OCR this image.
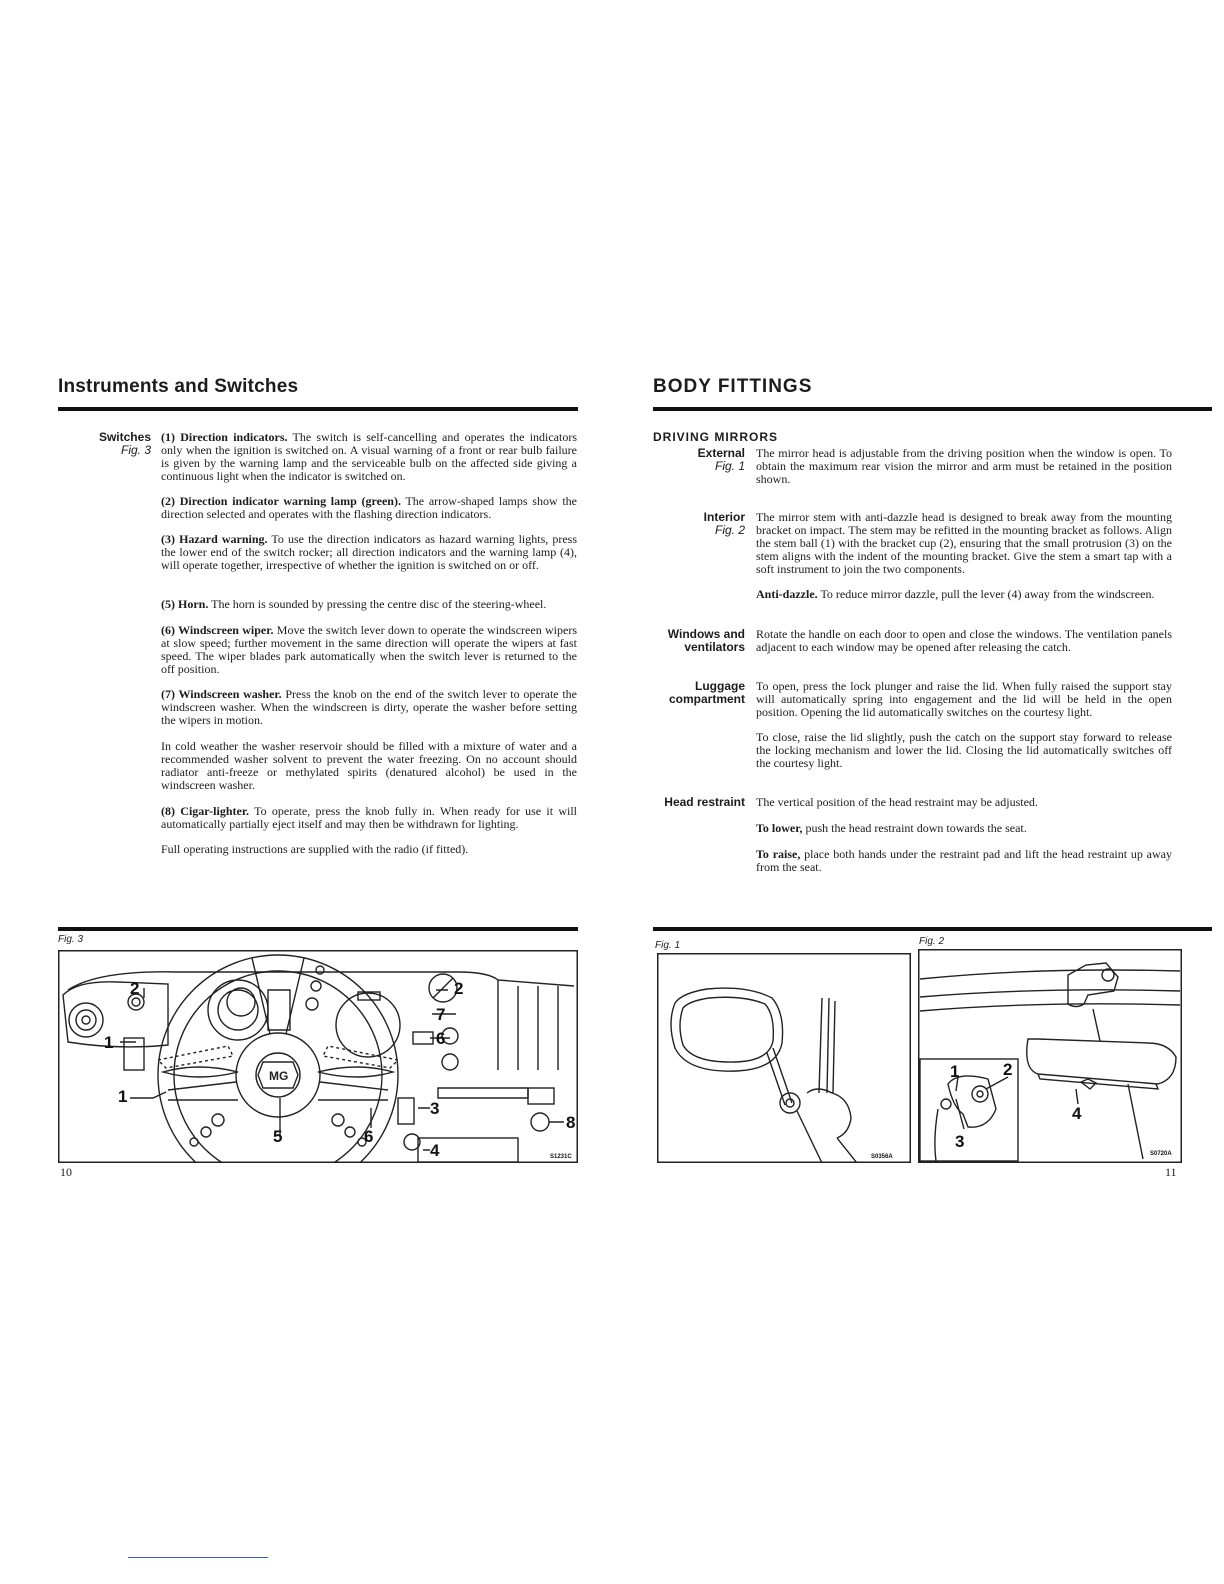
Instruments and Switches
Switches
Fig. 3

(1) Direction indicators. The switch is self-cancelling and operates the indicators only when the ignition is switched on. A visual warning of a front or rear bulb failure is given by the warning lamp and the serviceable bulb on the affected side giving a continuous light when the indicator is switched on.

(2) Direction indicator warning lamp (green). The arrow-shaped lamps show the direction selected and operates with the flashing direction indicators.

(3) Hazard warning. To use the direction indicators as hazard warning lights, press the lower end of the switch rocker; all direction indicators and the warning lamp (4), will operate together, irrespective of whether the ignition is switched on or off.

(5) Horn. The horn is sounded by pressing the centre disc of the steering-wheel.

(6) Windscreen wiper. Move the switch lever down to operate the windscreen wipers at slow speed; further movement in the same direction will operate the wipers at fast speed. The wiper blades park automatically when the switch lever is returned to the off position.

(7) Windscreen washer. Press the knob on the end of the switch lever to operate the windscreen washer. When the windscreen is dirty, operate the washer before setting the wipers in motion.

In cold weather the washer reservoir should be filled with a mixture of water and a recommended washer solvent to prevent the water freezing. On no account should radiator anti-freeze or methylated spirits (denatured alcohol) be used in the windscreen washer.

(8) Cigar-lighter. To operate, press the knob fully in. When ready for use it will automatically partially eject itself and may then be withdrawn for lighting.

Full operating instructions are supplied with the radio (if fitted).

Fig. 3
2
1
1
5	6
2
7
6
3
8
4
MG
S1231C
10
BODY FITTINGS
DRIVING MIRRORS
External
Fig. 1

The mirror head is adjustable from the driving position when the window is open. To obtain the maximum rear vision the mirror and arm must be retained in the position shown.

Interior
Fig. 2

The mirror stem with anti-dazzle head is designed to break away from the mounting bracket on impact. The stem may be refitted in the mounting bracket as follows. Align the stem ball (1) with the bracket cup (2), ensuring that the small protrusion (3) on the stem aligns with the indent of the mounting bracket. Give the stem a smart tap with a soft instrument to join the two components.

Anti-dazzle. To reduce mirror dazzle, pull the lever (4) away from the windscreen.

Windows and
ventilators

Rotate the handle on each door to open and close the windows. The ventilation panels adjacent to each window may be opened after releasing the catch.

Luggage
compartment

To open, press the lock plunger and raise the lid. When fully raised the support stay will automatically spring into engagement and the lid will be held in the open position. Opening the lid automatically switches on the courtesy light.

To close, raise the lid slightly, push the catch on the support stay forward to release the locking mechanism and lower the lid. Closing the lid automatically switches off the courtesy light.

Head restraint The vertical position of the head restraint may be adjusted.

To lower, push the head restraint down towards the seat.

To raise, place both hands under the restraint pad and lift the head restraint up away from the seat.

Fig. 1
S0356A
Fig. 2
1	2
3
4
S0720A
11
